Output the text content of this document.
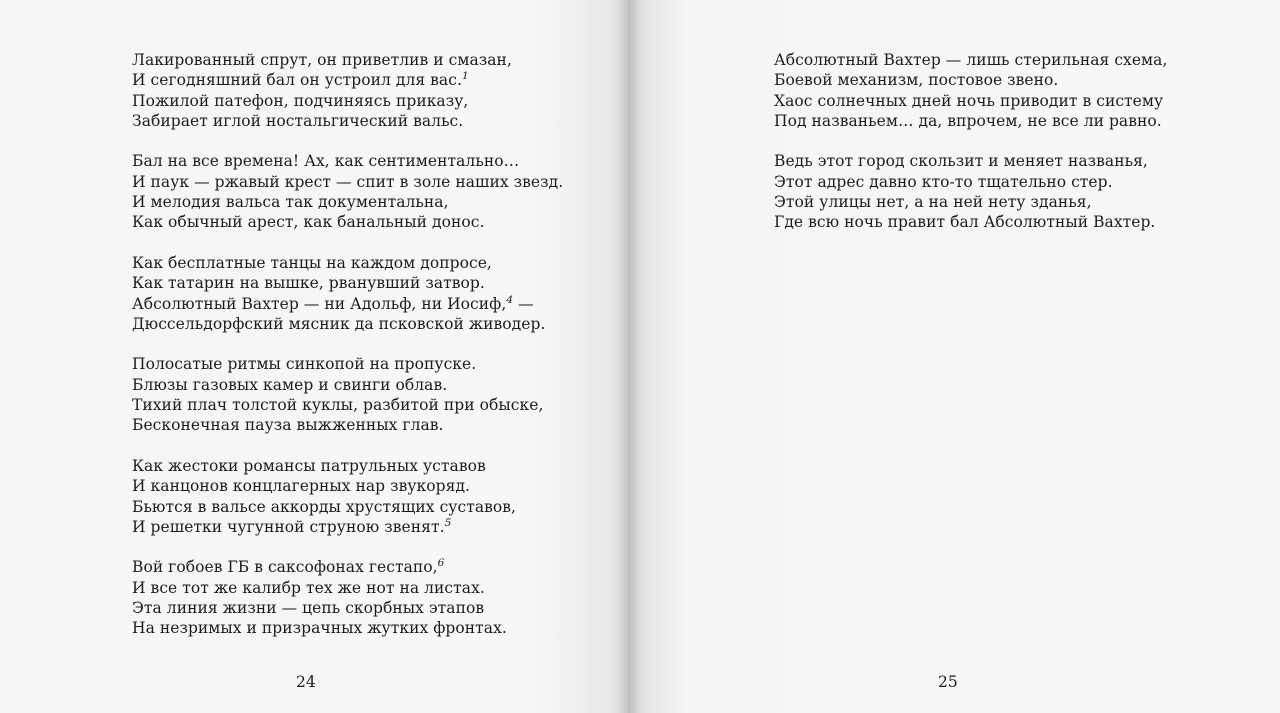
Лакированный спрут, он приветлив и смазан,
И сегодняшний бал он устроил для вас.$^1$
Пожилой патефон, подчиняясь приказу,
Забирает иглой ностальгический вальс.
Бал на все времена! Ах, как сентиментально…
И паук — ржавый крест — спит в золе наших звезд.
И мелодия вальса так документальна,
Как обычный арест, как банальный донос.
Как бесплатные танцы на каждом допросе,
Как татарин на вышке, рванувший затвор.
Абсолютный Вахтер — ни Адольф, ни Иосиф,$^4$ —
Дюссельдорфский мясник да псковской живодер.
Полосатые ритмы синкопой на пропуске.
Блюзы газовых камер и свинги облав.
Тихий плач толстой куклы, разбитой при обыске,
Бесконечная пауза выжженных глав.
Как жестоки романсы патрульных уставов
И канцонов концлагерных нар звукоряд.
Бьются в вальсе аккорды хрустящих суставов,
И решетки чугунной струною звенят.$^5$
Вой гобоев ГБ в саксофонах гестапо,$^6$
И все тот же калибр тех же нот на листах.
Эта линия жизни — цепь скорбных этапов
На незримых и призрачных жутких фронтах.
Абсолютный Вахтер — лишь стерильная схема,
Боевой механизм, постовое звено.
Хаос солнечных дней ночь приводит в систему
Под названьем… да, впрочем, не все ли равно.
Ведь этот город скользит и меняет названья,
Этот адрес давно кто-то тщательно стер.
Этой улицы нет, а на ней нету зданья,
Где всю ночь правит бал Абсолютный Вахтер.
24	25
